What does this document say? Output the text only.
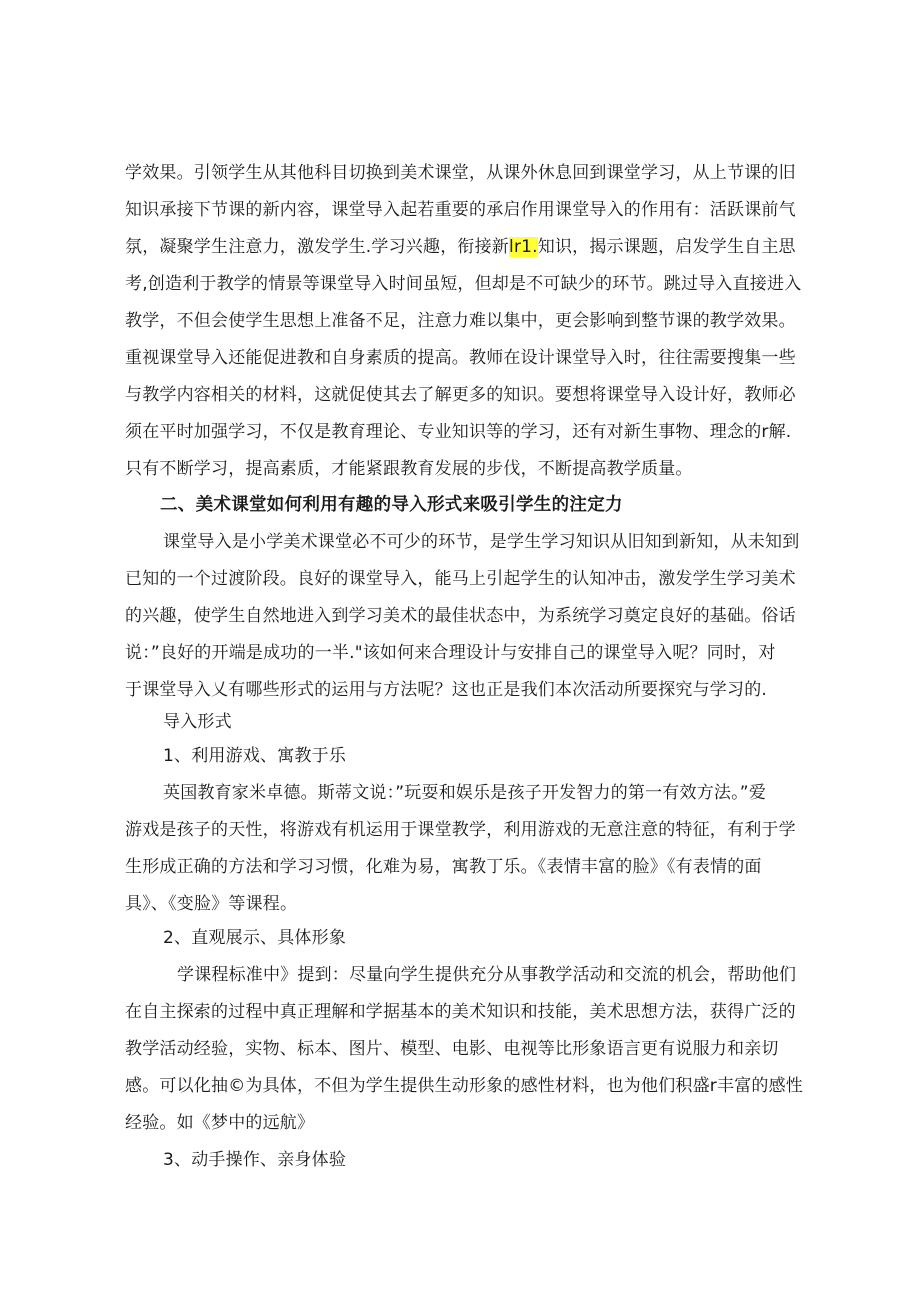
学效果。引领学生从其他科目切换到美术课堂，从课外休息回到课堂学习，从上节课的旧
知识承接下节课的新内容，课堂导入起若重要的承启作用课堂导入的作用有：活跃课前气
氛，凝聚学生注意力，激发学生.学习兴趣，衔接新lr1.知识，揭示课题，启发学生自主思
考,创造利于教学的情景等课堂导入时间虽短，但却是不可缺少的环节。跳过导入直接进入
教学，不但会使学生思想上准备不足，注意力难以集中，更会影响到整节课的教学效果。
重视课堂导入还能促进教和自身素质的提高。教师在设计课堂导入时，往往需要搜集一些
与教学内容相关的材料，这就促使其去了解更多的知识。要想将课堂导入设计好，教师必
须在平时加强学习，不仅是教育理论、专业知识等的学习，还有对新生事物、理念的r解.
只有不断学习，提高素质，才能紧跟教育发展的步伐，不断提高教学质量。
二、美术课堂如何利用有趣的导入形式来吸引学生的注定力
课堂导入是小学美术课堂必不可少的环节，是学生学习知识从旧知到新知，从未知到
已知的一个过渡阶段。良好的课堂导入，能马上引起学生的认知冲击，激发学生学习美术
的兴趣，使学生自然地进入到学习美术的最佳状态中，为系统学习奠定良好的基础。俗话
说：”良好的开端是成功的一半."该如何来合理设计与安排自己的课堂导入呢？同时，对
于课堂导入乂有哪些形式的运用与方法呢？这也正是我们本次活动所要探究与学习的.
导入形式
1、利用游戏、寓教于乐
英国教育家米卓德。斯蒂文说：”玩耍和娱乐是孩子开发智力的第一有效方法。”爱
游戏是孩子的天性，将游戏有机运用于课堂教学，利用游戏的无意注意的特征，有利于学
生形成正确的方法和学习习惯，化难为易，寓教丁乐。《表情丰富的脸》《有表情的面
具》、《变脸》等课程。
2、直观展示、具体形象
学课程标准中》提到：尽量向学生提供充分从事教学活动和交流的机会，帮助他们
在自主探索的过程中真正理解和学据基本的美术知识和技能，美术思想方法，获得广泛的
教学活动经验，实物、标本、图片、模型、电影、电视等比形象语言更有说服力和亲切
感。可以化抽©为具体，不但为学生提供生动形象的感性材料，也为他们积盛r丰富的感性
经验。如《梦中的远航》
3、动手操作、亲身体验
